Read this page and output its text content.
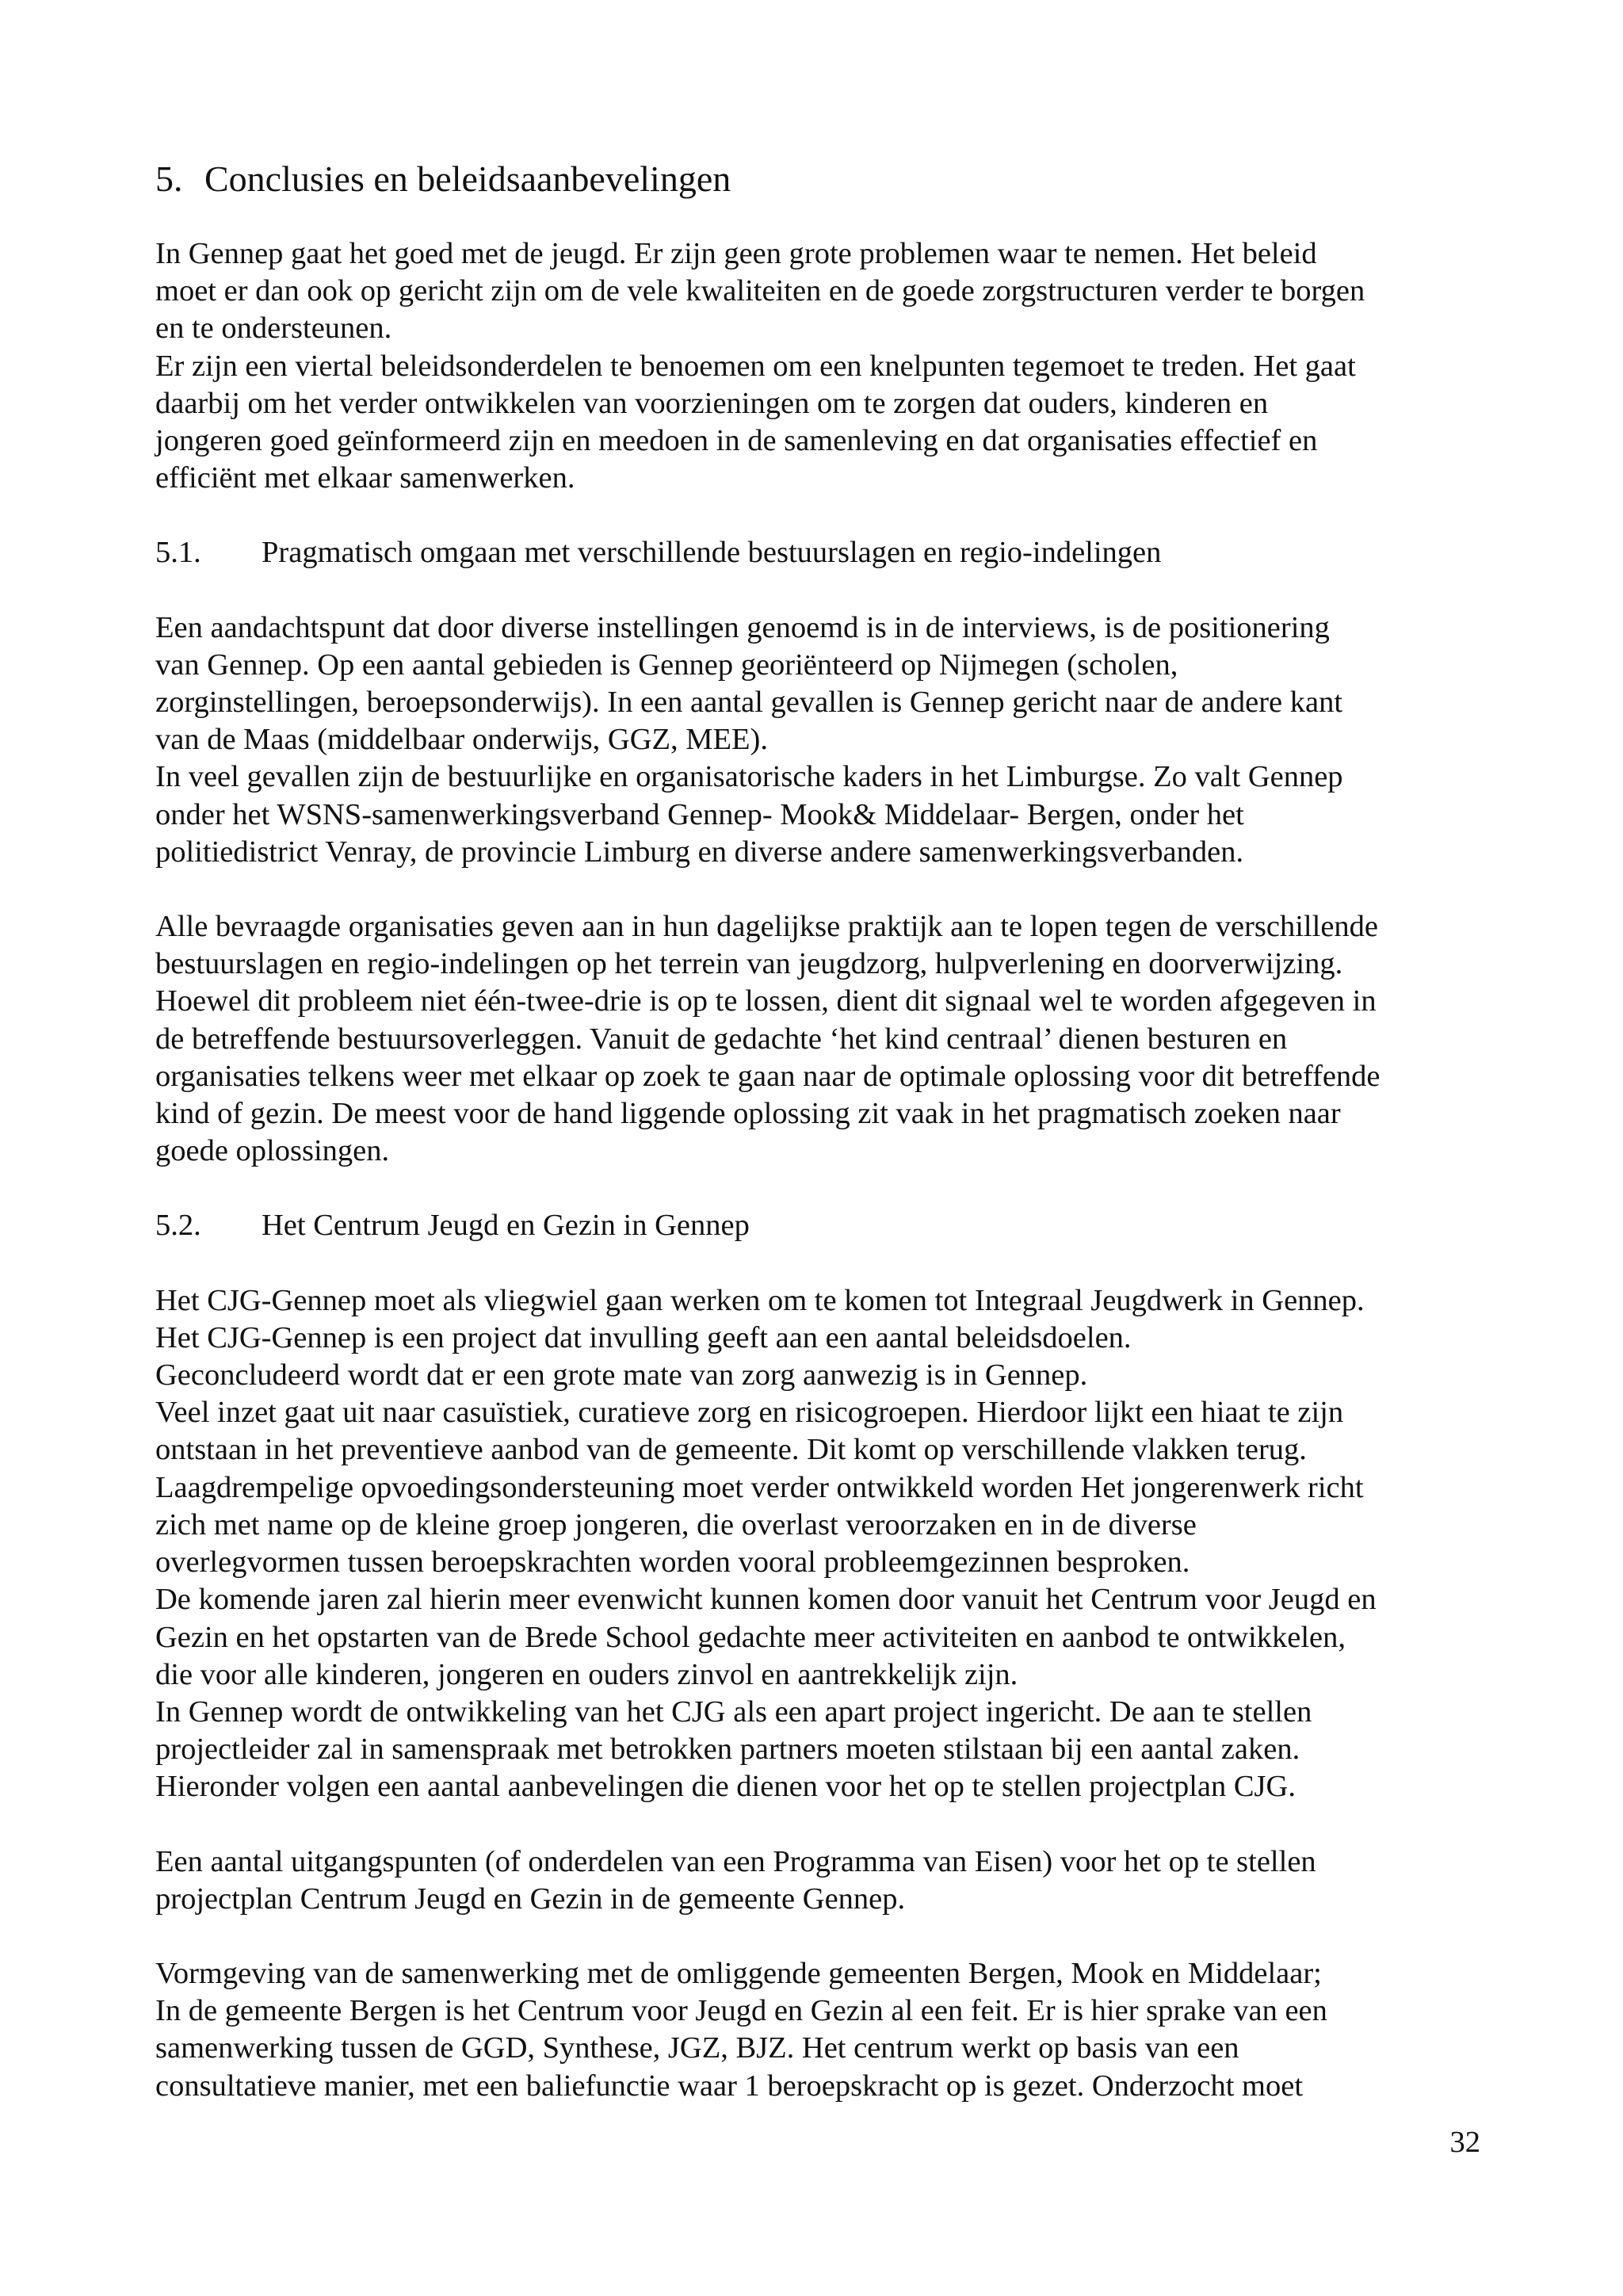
5. Conclusies en beleidsaanbevelingen

In Gennep gaat het goed met de jeugd. Er zijn geen grote problemen waar te nemen. Het beleid
moet er dan ook op gericht zijn om de vele kwaliteiten en de goede zorgstructuren verder te borgen
en te ondersteunen.
Er zijn een viertal beleidsonderdelen te benoemen om een knelpunten tegemoet te treden. Het gaat
daarbij om het verder ontwikkelen van voorzieningen om te zorgen dat ouders, kinderen en
jongeren goed geïnformeerd zijn en meedoen in de samenleving en dat organisaties effectief en
efficiënt met elkaar samenwerken.

5.1. Pragmatisch omgaan met verschillende bestuurslagen en regio-indelingen

Een aandachtspunt dat door diverse instellingen genoemd is in de interviews, is de positionering
van Gennep. Op een aantal gebieden is Gennep georiënteerd op Nijmegen (scholen,
zorginstellingen, beroepsonderwijs). In een aantal gevallen is Gennep gericht naar de andere kant
van de Maas (middelbaar onderwijs, GGZ, MEE).
In veel gevallen zijn de bestuurlijke en organisatorische kaders in het Limburgse. Zo valt Gennep
onder het WSNS-samenwerkingsverband Gennep- Mook& Middelaar- Bergen, onder het
politiedistrict Venray, de provincie Limburg en diverse andere samenwerkingsverbanden.

Alle bevraagde organisaties geven aan in hun dagelijkse praktijk aan te lopen tegen de verschillende
bestuurslagen en regio-indelingen op het terrein van jeugdzorg, hulpverlening en doorverwijzing.
Hoewel dit probleem niet één-twee-drie is op te lossen, dient dit signaal wel te worden afgegeven in
de betreffende bestuursoverleggen. Vanuit de gedachte ‘het kind centraal’ dienen besturen en
organisaties telkens weer met elkaar op zoek te gaan naar de optimale oplossing voor dit betreffende
kind of gezin. De meest voor de hand liggende oplossing zit vaak in het pragmatisch zoeken naar
goede oplossingen.

5.2. Het Centrum Jeugd en Gezin in Gennep

Het CJG-Gennep moet als vliegwiel gaan werken om te komen tot Integraal Jeugdwerk in Gennep.
Het CJG-Gennep is een project dat invulling geeft aan een aantal beleidsdoelen.
Geconcludeerd wordt dat er een grote mate van zorg aanwezig is in Gennep.
Veel inzet gaat uit naar casuïstiek, curatieve zorg en risicogroepen. Hierdoor lijkt een hiaat te zijn
ontstaan in het preventieve aanbod van de gemeente. Dit komt op verschillende vlakken terug.
Laagdrempelige opvoedingsondersteuning moet verder ontwikkeld worden Het jongerenwerk richt
zich met name op de kleine groep jongeren, die overlast veroorzaken en in de diverse
overlegvormen tussen beroepskrachten worden vooral probleemgezinnen besproken.
De komende jaren zal hierin meer evenwicht kunnen komen door vanuit het Centrum voor Jeugd en
Gezin en het opstarten van de Brede School gedachte meer activiteiten en aanbod te ontwikkelen,
die voor alle kinderen, jongeren en ouders zinvol en aantrekkelijk zijn.
In Gennep wordt de ontwikkeling van het CJG als een apart project ingericht. De aan te stellen
projectleider zal in samenspraak met betrokken partners moeten stilstaan bij een aantal zaken.
Hieronder volgen een aantal aanbevelingen die dienen voor het op te stellen projectplan CJG.

Een aantal uitgangspunten (of onderdelen van een Programma van Eisen) voor het op te stellen
projectplan Centrum Jeugd en Gezin in de gemeente Gennep.

Vormgeving van de samenwerking met de omliggende gemeenten Bergen, Mook en Middelaar;
In de gemeente Bergen is het Centrum voor Jeugd en Gezin al een feit. Er is hier sprake van een
samenwerking tussen de GGD, Synthese, JGZ, BJZ. Het centrum werkt op basis van een
consultatieve manier, met een baliefunctie waar 1 beroepskracht op is gezet. Onderzocht moet

32
